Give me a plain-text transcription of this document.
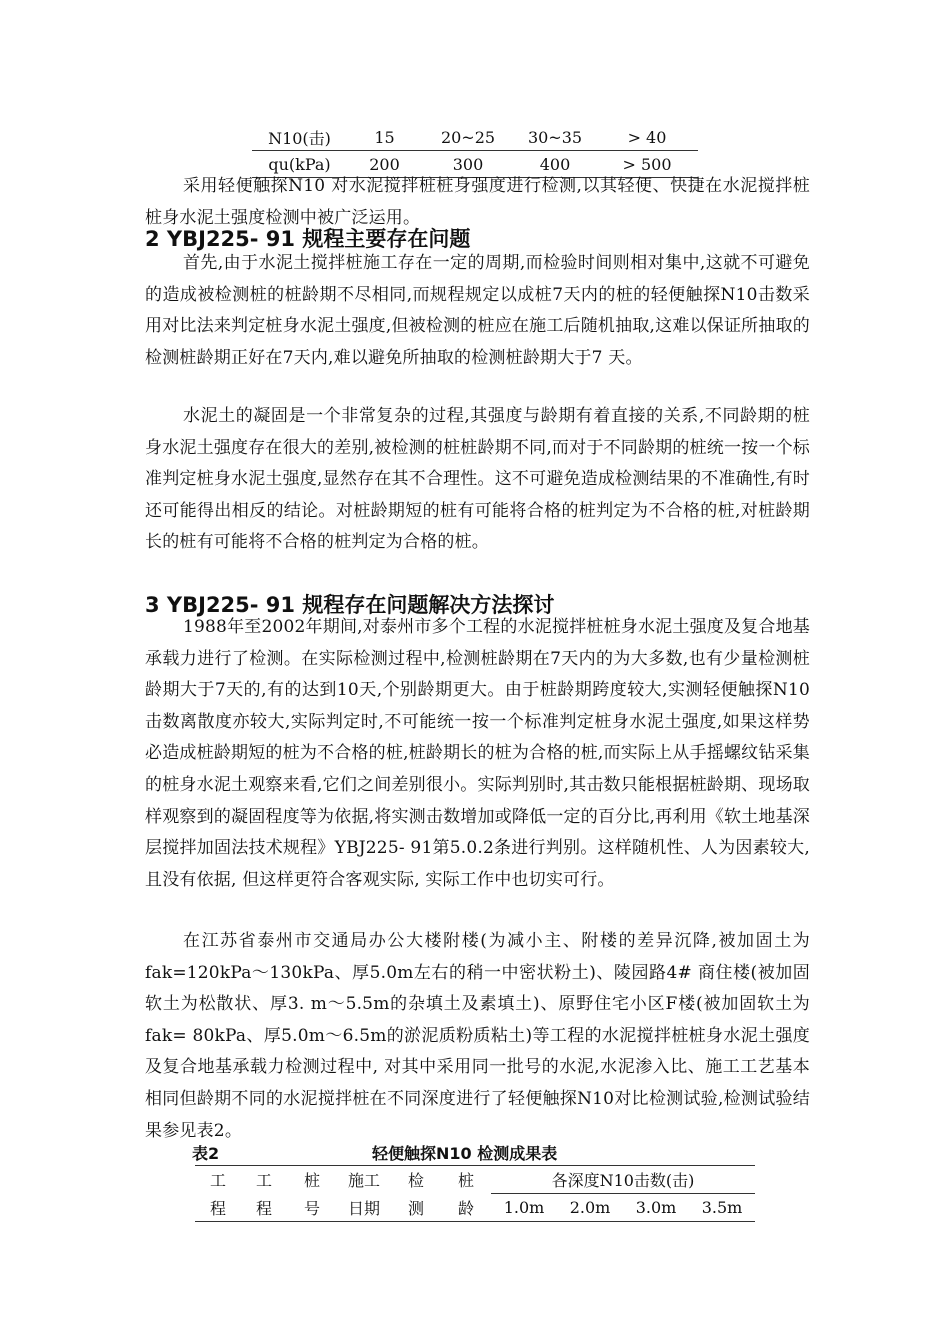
N10(击)	15	20~25	30~35	> 40
qu(kPa)	200	300	400	> 500

采用轻便触探N10 对水泥搅拌桩桩身强度进行检测,以其轻便、快捷在水泥搅拌桩桩身水泥土强度检测中被广泛运用。

2 YBJ225- 91 规程主要存在问题

首先,由于水泥土搅拌桩施工存在一定的周期,而检验时间则相对集中,这就不可避免的造成被检测桩的桩龄期不尽相同,而规程规定以成桩7天内的桩的轻便触探N10击数采用对比法来判定桩身水泥土强度,但被检测的桩应在施工后随机抽取,这难以保证所抽取的检测桩龄期正好在7天内,难以避免所抽取的检测桩龄期大于7 天。

水泥土的凝固是一个非常复杂的过程,其强度与龄期有着直接的关系,不同龄期的桩身水泥土强度存在很大的差别,被检测的桩桩龄期不同,而对于不同龄期的桩统一按一个标准判定桩身水泥土强度,显然存在其不合理性。这不可避免造成检测结果的不准确性,有时还可能得出相反的结论。对桩龄期短的桩有可能将合格的桩判定为不合格的桩,对桩龄期长的桩有可能将不合格的桩判定为合格的桩。

3 YBJ225- 91 规程存在问题解决方法探讨

1988年至2002年期间,对泰州市多个工程的水泥搅拌桩桩身水泥土强度及复合地基承载力进行了检测。在实际检测过程中,检测桩龄期在7天内的为大多数,也有少量检测桩龄期大于7天的,有的达到10天,个别龄期更大。由于桩龄期跨度较大,实测轻便触探N10击数离散度亦较大,实际判定时,不可能统一按一个标准判定桩身水泥土强度,如果这样势必造成桩龄期短的桩为不合格的桩,桩龄期长的桩为合格的桩,而实际上从手摇螺纹钻采集的桩身水泥土观察来看,它们之间差别很小。实际判别时,其击数只能根据桩龄期、现场取样观察到的凝固程度等为依据,将实测击数增加或降低一定的百分比,再利用《软土地基深层搅拌加固法技术规程》YBJ225- 91第5.0.2条进行判别。这样随机性、人为因素较大,且没有依据, 但这样更符合客观实际, 实际工作中也切实可行。

在江苏省泰州市交通局办公大楼附楼(为减小主、附楼的差异沉降,被加固土为fak=120kPa～130kPa、厚5.0m左右的稍一中密状粉土)、陵园路4# 商住楼(被加固软土为松散状、厚3. m～5.5m的杂填土及素填土)、原野住宅小区F楼(被加固软土为fak= 80kPa、厚5.0m～6.5m的淤泥质粉质粘土)等工程的水泥搅拌桩桩身水泥土强度及复合地基承载力检测过程中, 对其中采用同一批号的水泥,水泥渗入比、施工工艺基本相同但龄期不同的水泥搅拌桩在不同深度进行了轻便触探N10对比检测试验,检测试验结果参见表2。

表2	轻便触探N10 检测成果表
工	工	桩	施工	检	桩	各深度N10击数(击)			
程	程	号	日期	测	龄	1.0m	2.0m	3.0m	3.5m
